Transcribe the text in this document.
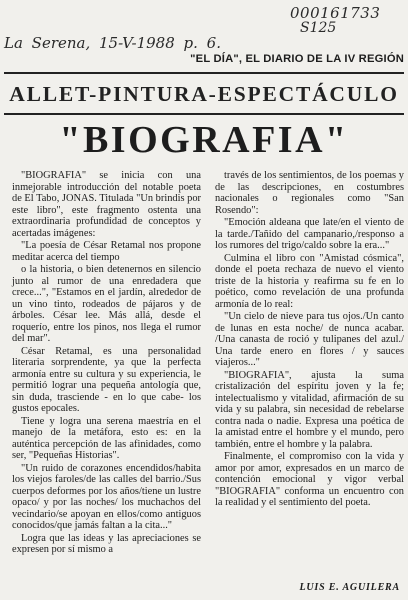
000161733
S125
La Serena, 15-V-1988 p. 6.
"EL DÍA", EL DIARIO DE LA IV REGIÓN
ALLET-PINTURA-ESPECTÁCULO
"BIOGRAFIA"

"BIOGRAFIA" se inicia con una inmejorable introducción del notable poeta de El Tabo, JONAS. Titulada "Un brindis por este libro", este fragmento ostenta una extraordinaria profundidad de conceptos y acertadas imágenes:

"La poesía de César Retamal nos propone meditar acerca del tiempo

o la historia, o bien detenernos en silencio junto al rumor de una enredadera que crece...", "Estamos en el jardín, alrededor de un vino tinto, rodeados de pájaros y de árboles. César lee. Más allá, desde el roquerío, entre los pinos, nos llega el rumor del mar".

César Retamal, es una personalidad literaria sorprendente, ya que la perfecta armonía entre su cultura y su experiencia, le permitió lograr una pequeña antología que, sin duda, trasciende - en lo que cabe- los gustos epocales.

Tiene y logra una serena maestría en el manejo de la metáfora, esto es: en la auténtica percepción de las afinidades, como ser, "Pequeñas Historias".

"Un ruido de corazones encendidos/habita los viejos faroles/de las calles del barrio./Sus cuerpos deformes por los años/tiene un lustre opaco/ y por las noches/ los muchachos del vecindario/se apoyan en ellos/como antiguos conocidos/que jamás faltan a la cita..."

Logra que las ideas y las apreciaciones se expresen por sí mismo a

través de los sentimientos, de los poemas y de las descripciones, en costumbres nacionales o regionales como "San Rosendo":

"Emoción aldeana que late/en el viento de la tarde./Tañido del campanario,/responso a los rumores del trigo/caldo sobre la era..."

Culmina el libro con "Amistad cósmica", donde el poeta rechaza de nuevo el viento triste de la historia y reafirma su fe en lo poético, como revelación de una profunda armonía de lo real:

"Un cielo de nieve para tus ojos./Un canto de lunas en esta noche/ de nunca acabar. /Una canasta de roció y tulipanes del azul./ Una tarde enero en flores / y sauces viajeros..."

"BIOGRAFIA", ajusta la suma cristalización del espíritu joven y la fe; intelectualismo y vitalidad, afirmación de su vida y su palabra, sin necesidad de rebelarse contra nada o nadie. Expresa una poética de la amistad entre el hombre y el mundo, pero también, entre el hombre y la palabra.

Finalmente, el compromiso con la vida y amor por amor, expresados en un marco de contención emocional y vigor verbal "BIOGRAFIA" conforma un encuentro con la realidad y el sentimiento del poeta.

LUIS E. AGUILERA
